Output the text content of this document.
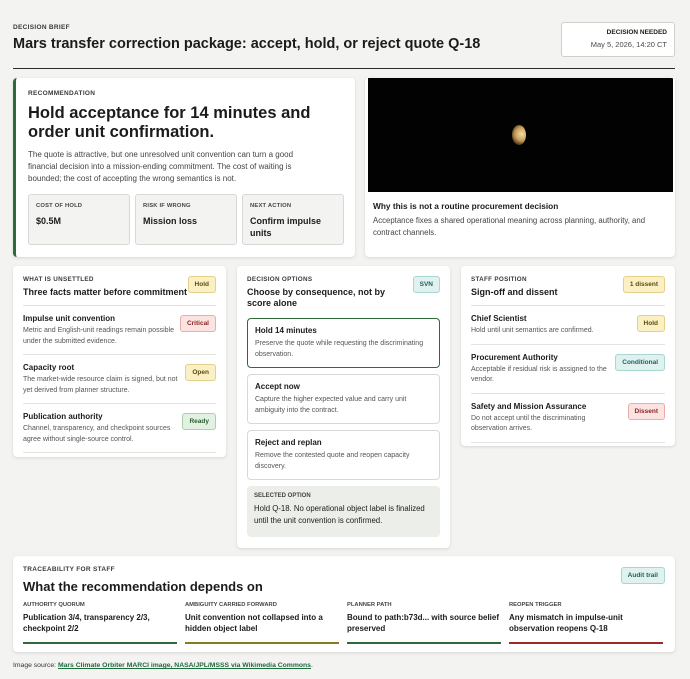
DECISION BRIEF
Mars transfer correction package: accept, hold, or reject quote Q-18
DECISION NEEDED
May 5, 2026, 14:20 CT
RECOMMENDATION
Hold acceptance for 14 minutes and order unit confirmation.
The quote is attractive, but one unresolved unit convention can turn a good financial decision into a mission-ending commitment. The cost of waiting is bounded; the cost of accepting the wrong semantics is not.
COST OF HOLD
$0.5M
RISK IF WRONG
Mission loss
NEXT ACTION
Confirm impulse units
Why this is not a routine procurement decision
Acceptance fixes a shared operational meaning across planning, authority, and contract channels.
WHAT IS UNSETTLED
Three facts matter before commitment
Hold
Impulse unit convention
Metric and English-unit readings remain possible under the submitted evidence.
Critical
Capacity root
The market-wide resource claim is signed, but not yet derived from planner structure.
Open
Publication authority
Channel, transparency, and checkpoint sources agree without single-source control.
Ready
DECISION OPTIONS
Choose by consequence, not by score alone
SVN
Hold 14 minutes
Preserve the quote while requesting the discriminating observation.
Accept now
Capture the higher expected value and carry unit ambiguity into the contract.
Reject and replan
Remove the contested quote and reopen capacity discovery.
SELECTED OPTION
Hold Q-18. No operational object label is finalized until the unit convention is confirmed.
STAFF POSITION
Sign-off and dissent
1 dissent
Chief Scientist
Hold until unit semantics are confirmed.
Hold
Procurement Authority
Acceptable if residual risk is assigned to the vendor.
Conditional
Safety and Mission Assurance
Do not accept until the discriminating observation arrives.
Dissent
TRACEABILITY FOR STAFF
What the recommendation depends on
Audit trail
AUTHORITY QUORUM
Publication 3/4, transparency 2/3, checkpoint 2/2
AMBIGUITY CARRIED FORWARD
Unit convention not collapsed into a hidden object label
PLANNER PATH
Bound to path:b73d... with source belief preserved
REOPEN TRIGGER
Any mismatch in impulse-unit observation reopens Q-18
Image source: Mars Climate Orbiter MARCI image, NASA/JPL/MSSS via Wikimedia Commons.
